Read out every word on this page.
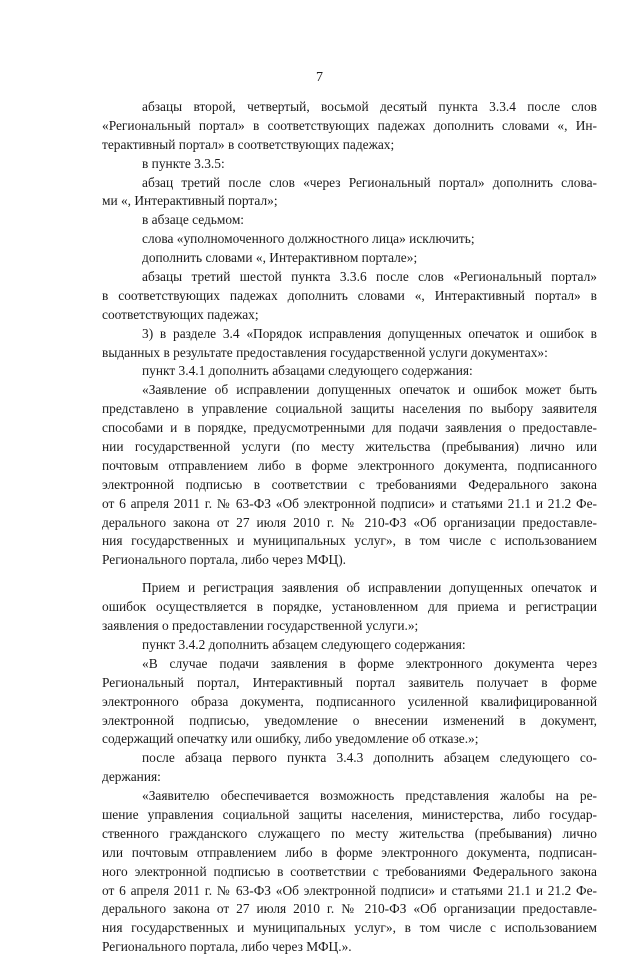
7
абзацы второй, четвертый, восьмой десятый пункта 3.3.4 после слов
«Региональный портал» в соответствующих падежах дополнить словами «, Ин-
терактивный портал» в соответствующих падежах;
в пункте 3.3.5:
абзац третий после слов «через Региональный портал» дополнить слова-
ми «, Интерактивный портал»;
в абзаце седьмом:
слова «уполномоченного должностного лица» исключить;
дополнить словами «, Интерактивном портале»;
абзацы третий шестой пункта 3.3.6 после слов «Региональный портал»
в соответствующих падежах дополнить словами «, Интерактивный портал» в
соответствующих падежах;
3) в разделе 3.4 «Порядок исправления допущенных опечаток и ошибок в
выданных в результате предоставления государственной услуги документах»:
пункт 3.4.1 дополнить абзацами следующего содержания:
«Заявление об исправлении допущенных опечаток и ошибок может быть
представлено в управление социальной защиты населения по выбору заявителя
способами и в порядке, предусмотренными для подачи заявления о предоставле-
нии государственной услуги (по месту жительства (пребывания) лично или
почтовым отправлением либо в форме электронного документа, подписанного
электронной подписью в соответствии с требованиями Федерального закона
от 6 апреля 2011 г. № 63-ФЗ «Об электронной подписи» и статьями 21.1 и 21.2 Фе-
дерального закона от 27 июля 2010 г. № 210-ФЗ «Об организации предоставле-
ния государственных и муниципальных услуг», в том числе с использованием
Регионального портала, либо через МФЦ).
Прием и регистрация заявления об исправлении допущенных опечаток и
ошибок осуществляется в порядке, установленном для приема и регистрации
заявления о предоставлении государственной услуги.»;
пункт 3.4.2 дополнить абзацем следующего содержания:
«В случае подачи заявления в форме электронного документа через
Региональный портал, Интерактивный портал заявитель получает в форме
электронного образа документа, подписанного усиленной квалифицированной
электронной подписью, уведомление о внесении изменений в документ,
содержащий опечатку или ошибку, либо уведомление об отказе.»;
после абзаца первого пункта 3.4.3 дополнить абзацем следующего со-
держания:
«Заявителю обеспечивается возможность представления жалобы на ре-
шение управления социальной защиты населения, министерства, либо государ-
ственного гражданского служащего по месту жительства (пребывания) лично
или почтовым отправлением либо в форме электронного документа, подписан-
ного электронной подписью в соответствии с требованиями Федерального закона
от 6 апреля 2011 г. № 63-ФЗ «Об электронной подписи» и статьями 21.1 и 21.2 Фе-
дерального закона от 27 июля 2010 г. № 210-ФЗ «Об организации предоставле-
ния государственных и муниципальных услуг», в том числе с использованием
Регионального портала, либо через МФЦ.».
